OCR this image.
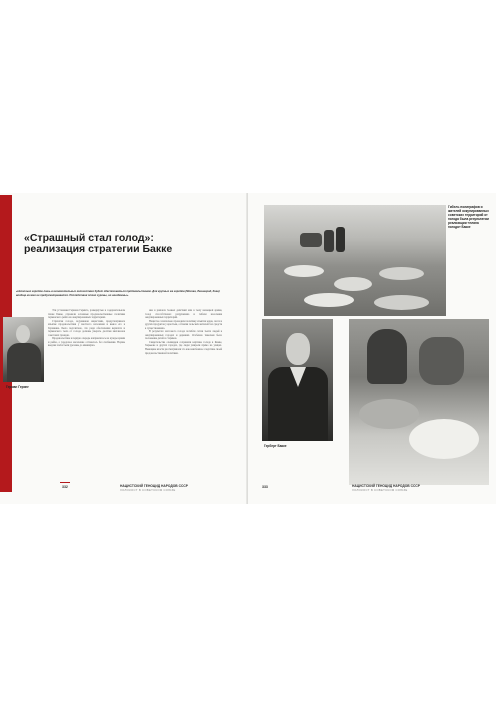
«Страшный стал голод»:
реализация стратегии Бакке
«Несколько городов лишь в незначительных количествах будет обеспечиваться продовольствием. Для крупных же городов (Москва, Ленинград, Киев) вообще ничего не предусматривается. Последствия этого суровы, но неизбежны».

Эти установки Германа Геринга, развернутые в содержательном плане Бакке, отражали основные продовольственные политики германского рейха на оккупированных территориях.

Стратегия голода, задуманная нацистами, предусматривала изъятие продовольствия у местного населения и вывоз его в Германию. Было подсчитано, что ради обеспечения вермахта и германского тыла от голода должны умереть десятки миллионов советских граждан.

Продовольствие в первую очередь направлялось на нужды армии и рейха, а городское население оставалось без снабжения. Нормы выдачи хлеба были урезаны до минимума.

ние в районах боевых действий или в тылу немецкой армии, голод способствовал разрушению и гибели населения оккупированных территорий.

Нацисты сознательно проводили политику изъятия зерна, скота и других продуктов у крестьян, оставляя сельских жителей без средств к существованию.

В результате массового голода погибли сотни тысяч людей в оккупированных городах и деревнях. Особенно тяжелым было положение детей и стариков.

Свидетельства очевидцев сохранили картины голода в Киеве, Харькове и других городах, где люди умирали прямо на улицах. Немецкие власти рассматривали это как неизбежное следствие своей продовольственной политики.

Герман Геринг
332	НАЦИСТСКИЙ ГЕНОЦИД НАРОДОВ СССР
ХОЛОКОСТ В СОВЕТСКОМ СОЮЗЕ
Гибель полиграфов и жителей оккупированных советских территорий от голода была результатом реализации «плана голода» Бакке
Герберт Бакке
333	НАЦИСТСКИЙ ГЕНОЦИД НАРОДОВ СССР
ХОЛОКОСТ В СОВЕТСКОМ СОЮЗЕ
